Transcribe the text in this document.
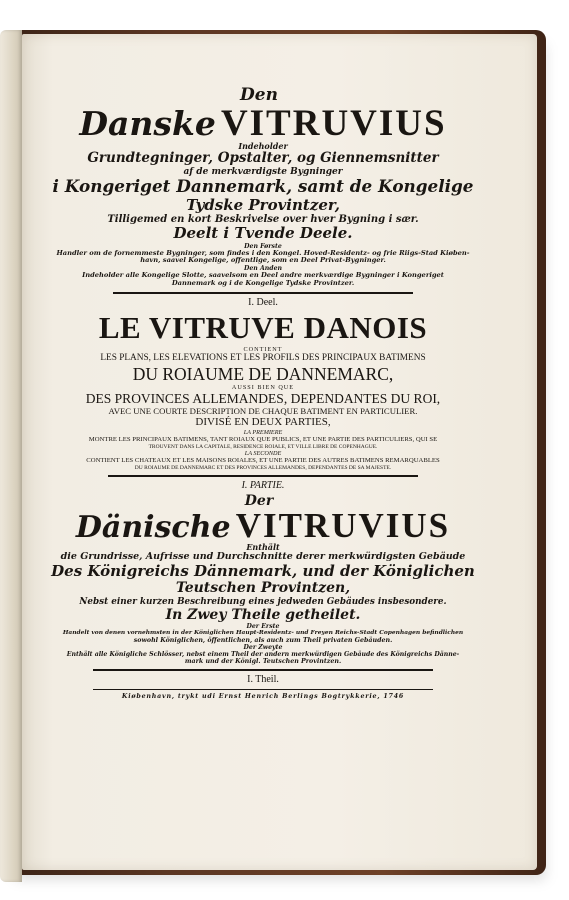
Den
Danske VITRUVIUS
Indeholder
Grundtegninger, Opstalter, og Giennemsnitter
af de merkværdigste Bygninger
i Kongeriget Dannemark, samt de Kongelige
Tydske Provintzer,
Tilligemed en kort Beskrivelse over hver Bygning i sær.
Deelt i Tvende Deele.
Den Første
Handler om de fornemmeste Bygninger, som findes i den Kongel. Hoved-Residentz- og frie Riigs-Stad Kiøben-
havn, saavel Kongelige, offentlige, som en Deel Privat-Bygninger.
Den Anden
Indeholder alle Kongelige Slotte, saavelsom en Deel andre merkværdige Bygninger i Kongeriget
Dannemark og i de Kongelige Tydske Provintzer.
I. Deel.
LE VITRUVE DANOIS
CONTIENT
LES PLANS, LES ELEVATIONS ET LES PROFILS DES PRINCIPAUX BATIMENS
DU ROIAUME DE DANNEMARC,
AUSSI BIEN QUE
DES PROVINCES ALLEMANDES, DEPENDANTES DU ROI,
AVEC UNE COURTE DESCRIPTION DE CHAQUE BATIMENT EN PARTICULIER.
DIVISÉ EN DEUX PARTIES,
LA PREMIERE
MONTRE LES PRINCIPAUX BATIMENS, TANT ROIAUX QUE PUBLICS, ET UNE PARTIE DES PARTICULIERS, QUI SE
TROUVENT DANS LA CAPITALE, RESIDENCE ROIALE, ET VILLE LIBRE DE COPENHAGUE.
LA SECONDE
CONTIENT LES CHATEAUX ET LES MAISONS ROIALES, ET UNE PARTIE DES AUTRES BATIMENS REMARQUABLES
DU ROIAUME DE DANNEMARC ET DES PROVINCES ALLEMANDES, DEPENDANTES DE SA MAJESTE.
I. PARTIE.
Der
Dänische VITRUVIUS
Enthält
die Grundrisse, Aufrisse und Durchschnitte derer merkwürdigsten Gebäude
Des Königreichs Dännemark, und der Königlichen
Teutschen Provintzen,
Nebst einer kurzen Beschreibung eines jedweden Gebäudes insbesondere.
In Zwey Theile getheilet.
Der Erste
Handelt von denen vornehmsten in der Königlichen Haupt-Residentz- und Freyen Reichs-Stadt Copenhagen befindlichen
sowohl Königlichen, öffentlichen, als auch zum Theil privaten Gebäuden.
Der Zweyte
Enthält alle Königliche Schlösser, nebst einem Theil der andern merkwürdigen Gebäude des Königreichs Dänne-
mark und der Königl. Teutschen Provintzen.
I. Theil.
Kiøbenhavn, trykt udi Ernst Henrich Berlings Bogtrykkerie, 1746
